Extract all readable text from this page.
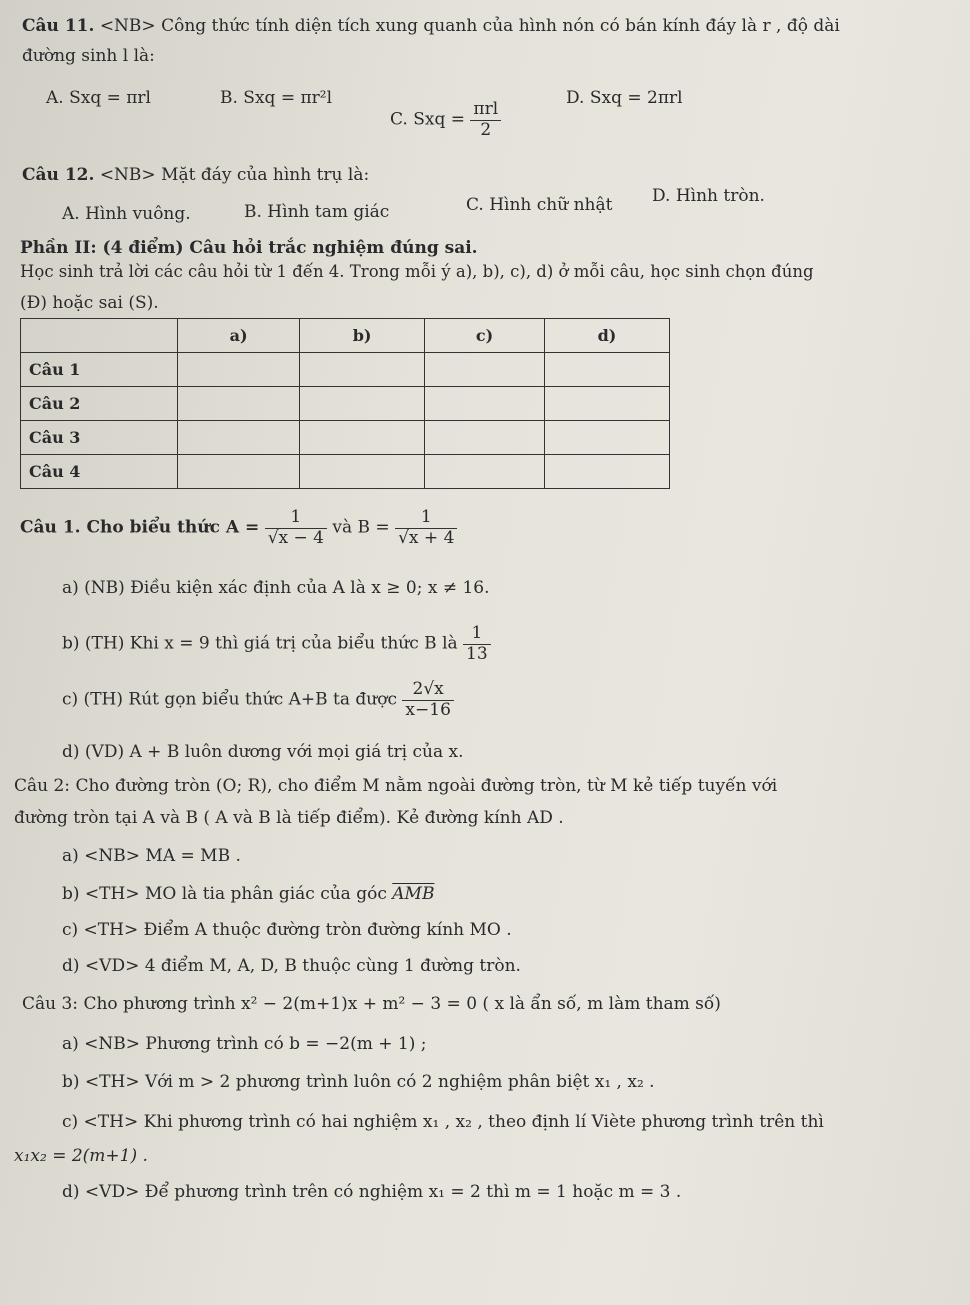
Câu 11. <NB> Công thức tính diện tích xung quanh của hình nón có bán kính đáy là r , độ dài
đường sinh l là:
A. Sxq = πrl	B. Sxq = πr²l
C. Sxq = $\frac{\text{πrl}}{2}$
D. Sxq = 2πrl
Câu 12. <NB> Mặt đáy của hình trụ là:
A. Hình vuông.	B. Hình tam giác	C. Hình chữ nhật D. Hình tròn.
Phần II: (4 điểm) Câu hỏi trắc nghiệm đúng sai.
Học sinh trả lời các câu hỏi từ 1 đến 4. Trong mỗi ý a), b), c), d) ở mỗi câu, học sinh chọn đúng
(Đ) hoặc sai (S).
	a)	b)	c)	d)
Câu 1				
Câu 2				
Câu 3				
Câu 4				
Câu 1. Cho biểu thức $A = \frac{1}{√x - 4}$ và $B = \frac{1}{√x + 4}$
a) (NB) Điều kiện xác định của A là x ≥ 0; x ≠ 16.
b) (TH) Khi x = 9 thì giá trị của biểu thức B là $\frac{1}{13}$
c) (TH) Rút gọn biểu thức A+B ta được $\frac{2√x}{x-16}$
d) (VD) A + B luôn dương với mọi giá trị của x.
Câu 2: Cho đường tròn (O; R), cho điểm M nằm ngoài đường tròn, từ M kẻ tiếp tuyến với
đường tròn tại A và B ( A và B là tiếp điểm). Kẻ đường kính AD .
a) <NB> MA = MB .
b) <TH> MO là tia phân giác của góc $\overline{AMB}$
c) <TH> Điểm A thuộc đường tròn đường kính MO .
d) <VD> 4 điểm M, A, D, B thuộc cùng 1 đường tròn.
Câu 3: Cho phương trình x² − 2(m+1)x + m² − 3 = 0 ( x là ẩn số, m làm tham số)
a) <NB> Phương trình có b = −2(m + 1) ;
b) <TH> Với m > 2 phương trình luôn có 2 nghiệm phân biệt x₁ , x₂ .
c) <TH> Khi phương trình có hai nghiệm x₁ , x₂ , theo định lí Viète phương trình trên thì
x₁x₂ = 2(m+1) .
d) <VD> Để phương trình trên có nghiệm x₁ = 2 thì m = 1 hoặc m = 3 .
